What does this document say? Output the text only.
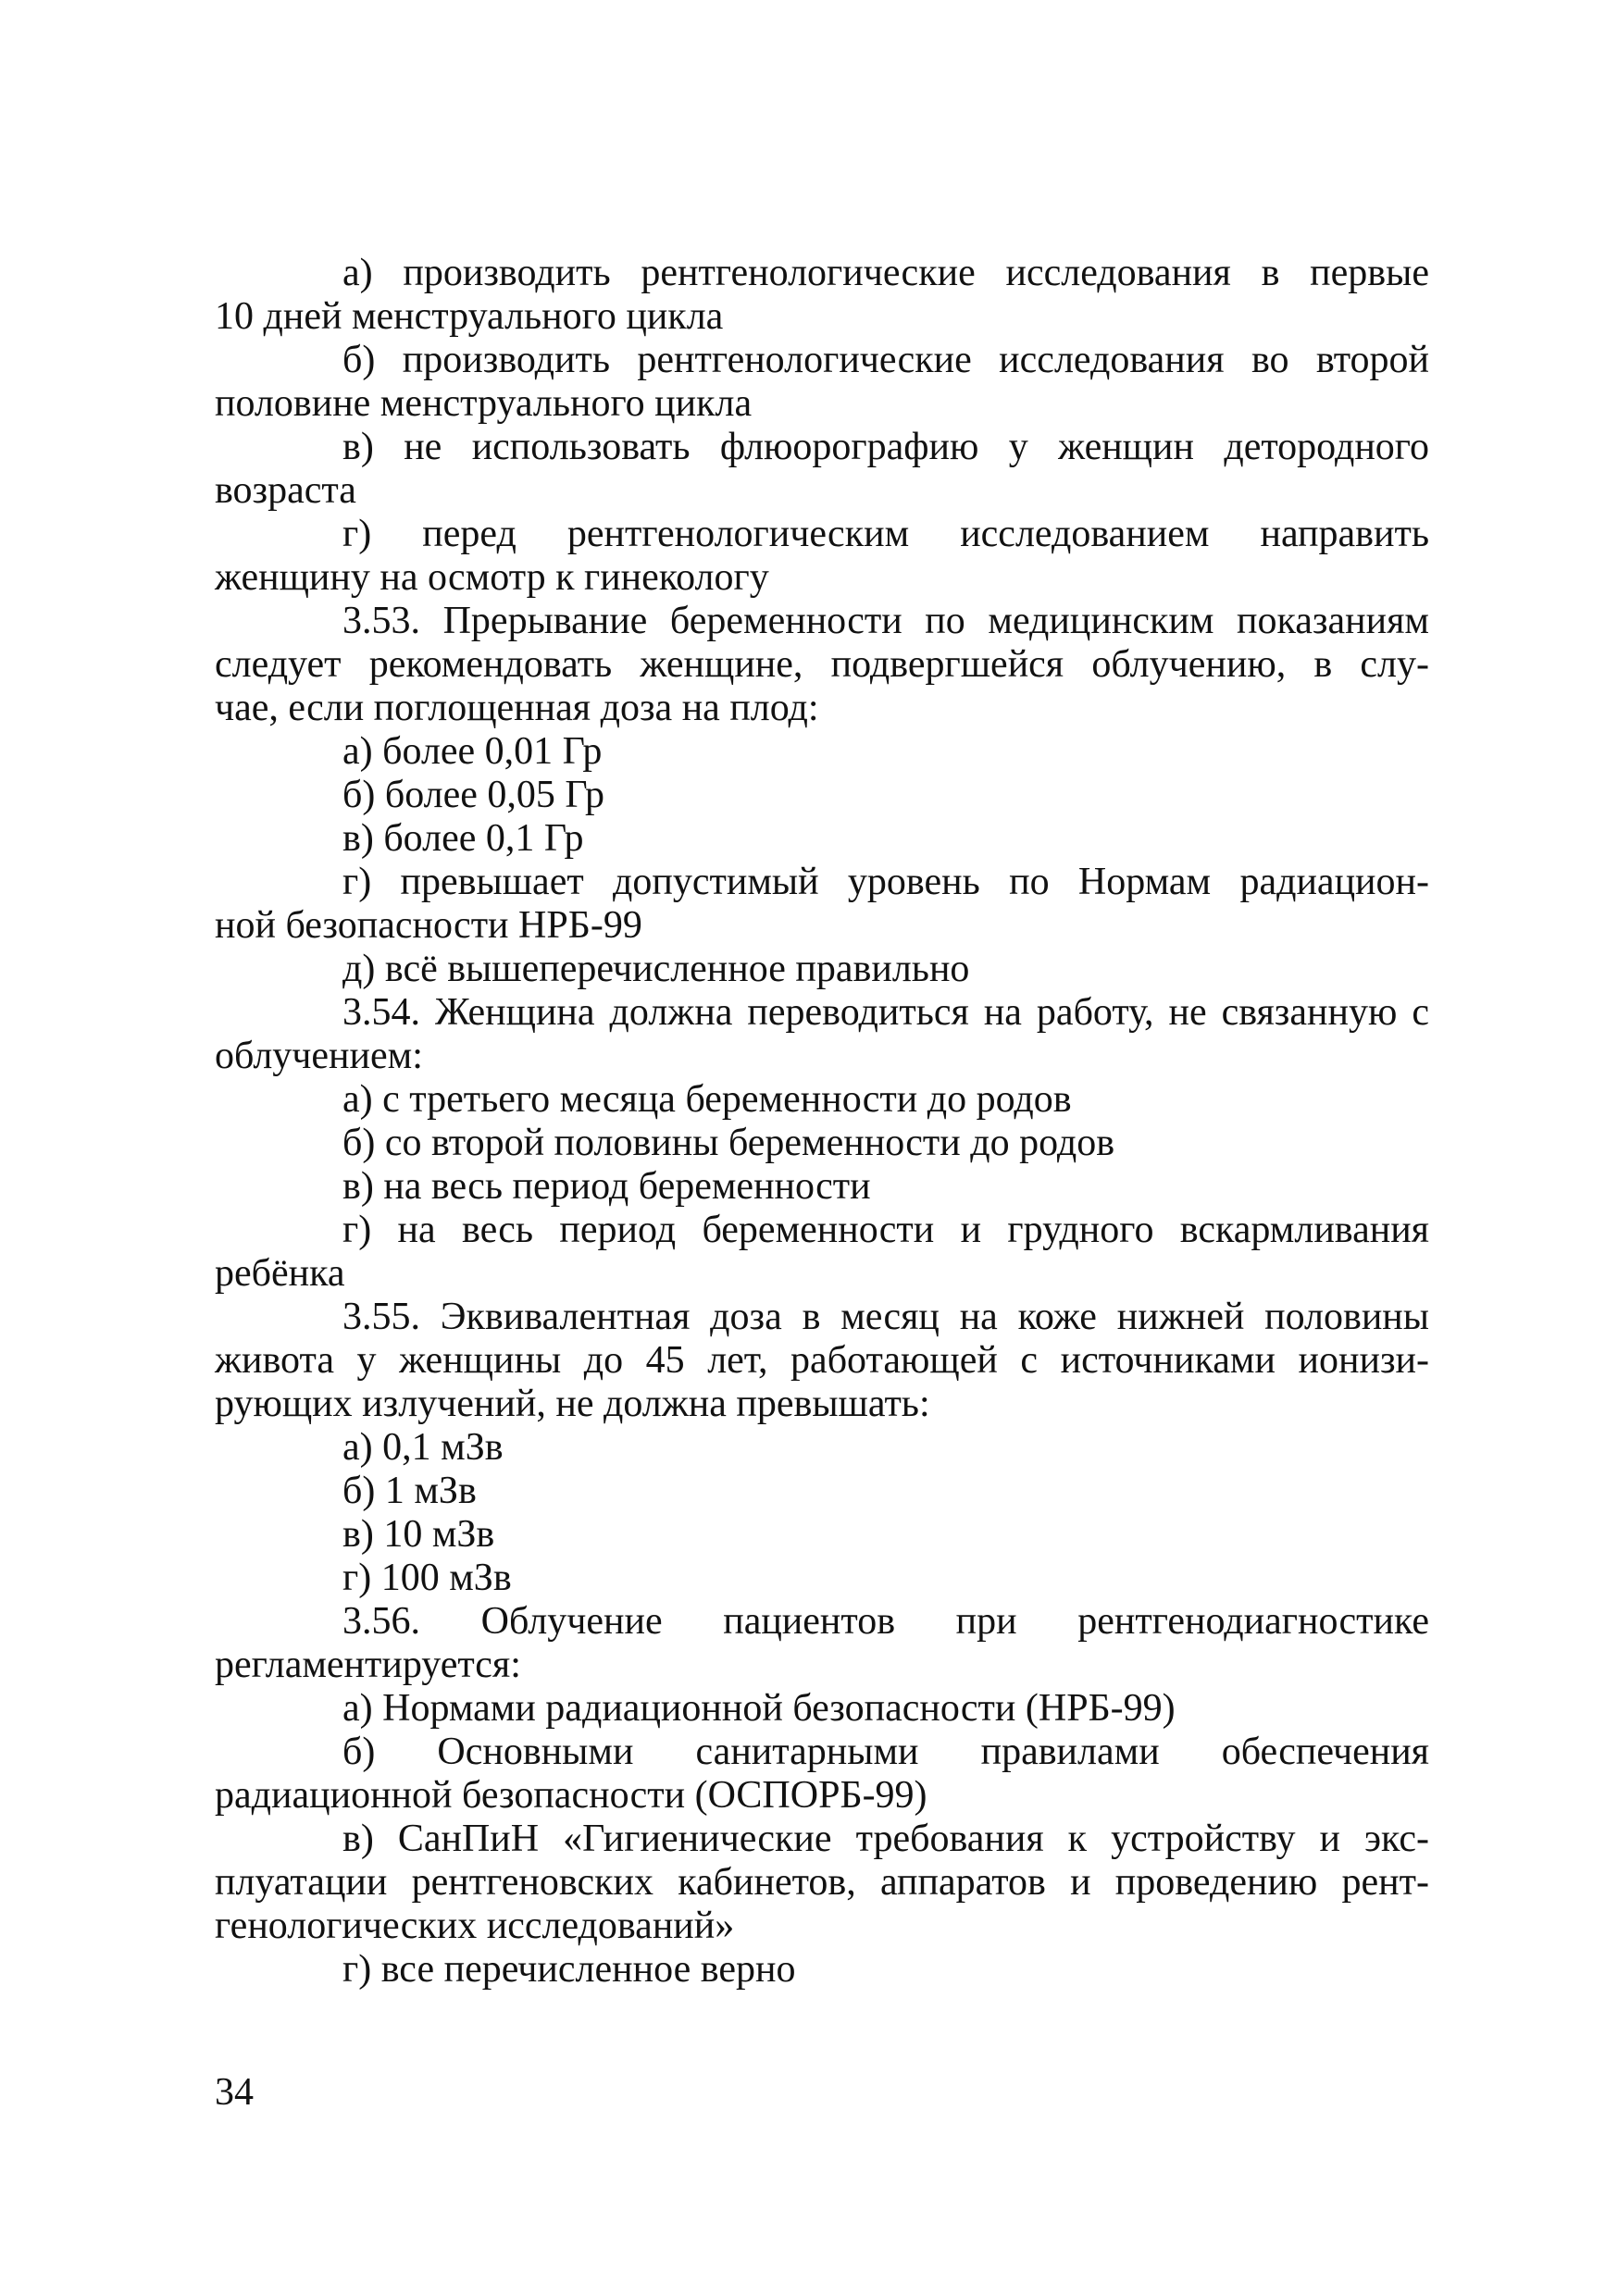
а) производить рентгенологические исследования в первые
10 дней менструального цикла
б) производить рентгенологические исследования во второй
половине менструального цикла
в) не использовать флюорографию у женщин детородного
возраста
г) перед рентгенологическим исследованием направить
женщину на осмотр к гинекологу
3.53. Прерывание беременности по медицинским показаниям
следует рекомендовать женщине, подвергшейся облучению, в слу-
чае, если поглощенная доза на плод:
а) более 0,01 Гр
б) более 0,05 Гр
в) более 0,1 Гр
г) превышает допустимый уровень по Нормам радиацион-
ной безопасности НРБ-99
д) всё вышеперечисленное правильно
3.54. Женщина должна переводиться на работу, не связанную с
облучением:
а) с третьего месяца беременности до родов
б) со второй половины беременности до родов
в) на весь период беременности
г) на весь период беременности и грудного вскармливания
ребёнка
3.55. Эквивалентная доза в месяц на коже нижней половины
живота у женщины до 45 лет, работающей с источниками ионизи-
рующих излучений, не должна превышать:
а) 0,1 мЗв
б) 1 мЗв
в) 10 мЗв
г) 100 мЗв
3.56. Облучение пациентов при рентгенодиагностике
регламентируется:
а) Нормами радиационной безопасности (НРБ-99)
б) Основными санитарными правилами обеспечения
радиационной безопасности (ОСПОРБ-99)
в) СанПиН «Гигиенические требования к устройству и экс-
плуатации рентгеновских кабинетов, аппаратов и проведению рент-
генологических исследований»
г) все перечисленное верно
34
